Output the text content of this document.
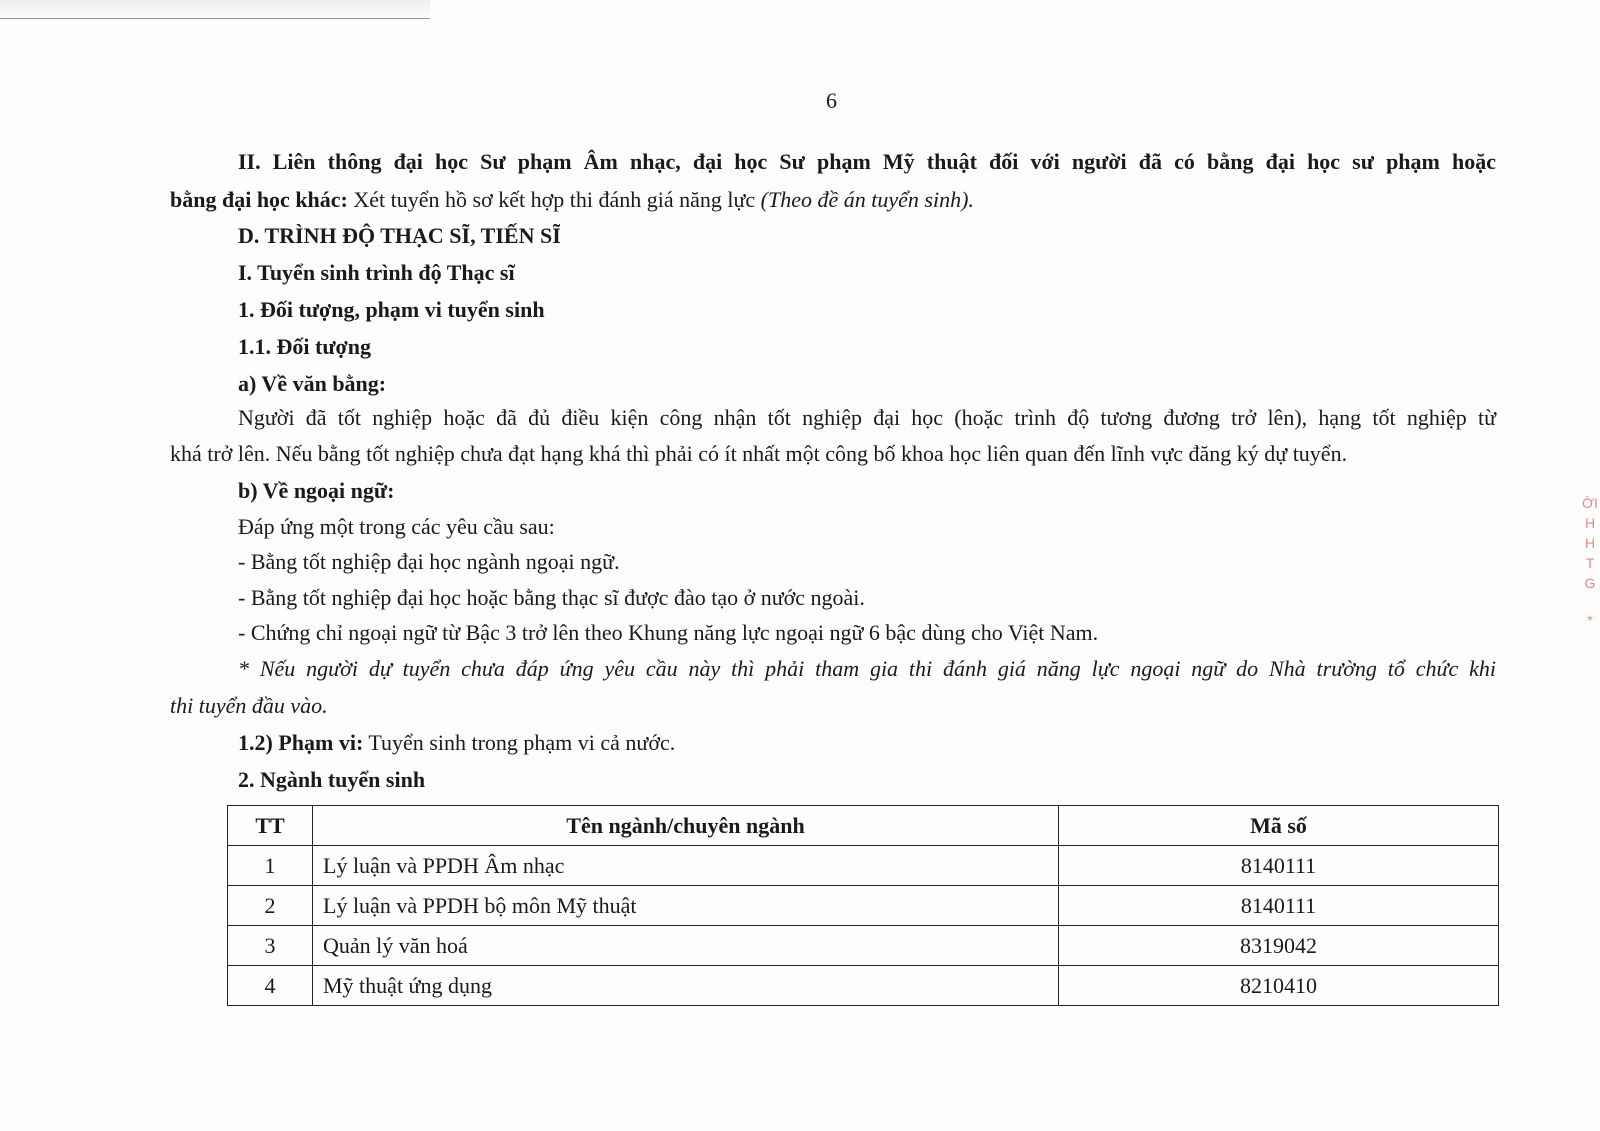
6
II. Liên thông đại học Sư phạm Âm nhạc, đại học Sư phạm Mỹ thuật đối với người đã có bằng đại học sư phạm hoặc
bằng đại học khác: Xét tuyển hồ sơ kết hợp thi đánh giá năng lực (Theo đề án tuyển sinh).
D. TRÌNH ĐỘ THẠC SĨ, TIẾN SĨ
I. Tuyển sinh trình độ Thạc sĩ
1. Đối tượng, phạm vi tuyển sinh
1.1. Đối tượng
a) Về văn bằng:
Người đã tốt nghiệp hoặc đã đủ điều kiện công nhận tốt nghiệp đại học (hoặc trình độ tương đương trở lên), hạng tốt nghiệp từ
khá trở lên. Nếu bằng tốt nghiệp chưa đạt hạng khá thì phải có ít nhất một công bố khoa học liên quan đến lĩnh vực đăng ký dự tuyển.
b) Về ngoại ngữ:
Đáp ứng một trong các yêu cầu sau:
- Bằng tốt nghiệp đại học ngành ngoại ngữ.
- Bằng tốt nghiệp đại học hoặc bằng thạc sĩ được đào tạo ở nước ngoài.
- Chứng chỉ ngoại ngữ từ Bậc 3 trở lên theo Khung năng lực ngoại ngữ 6 bậc dùng cho Việt Nam.
* Nếu người dự tuyển chưa đáp ứng yêu cầu này thì phải tham gia thi đánh giá năng lực ngoại ngữ do Nhà trường tổ chức khi
thi tuyển đầu vào.
1.2) Phạm vi: Tuyển sinh trong phạm vi cả nước.
2. Ngành tuyển sinh
TT	Tên ngành/chuyên ngành	Mã số
1	Lý luận và PPDH Âm nhạc	8140111
2	Lý luận và PPDH bộ môn Mỹ thuật	8140111
3	Quản lý văn hoá	8319042
4	Mỹ thuật ứng dụng	8210410
ỜI
H
H
T
G
*
